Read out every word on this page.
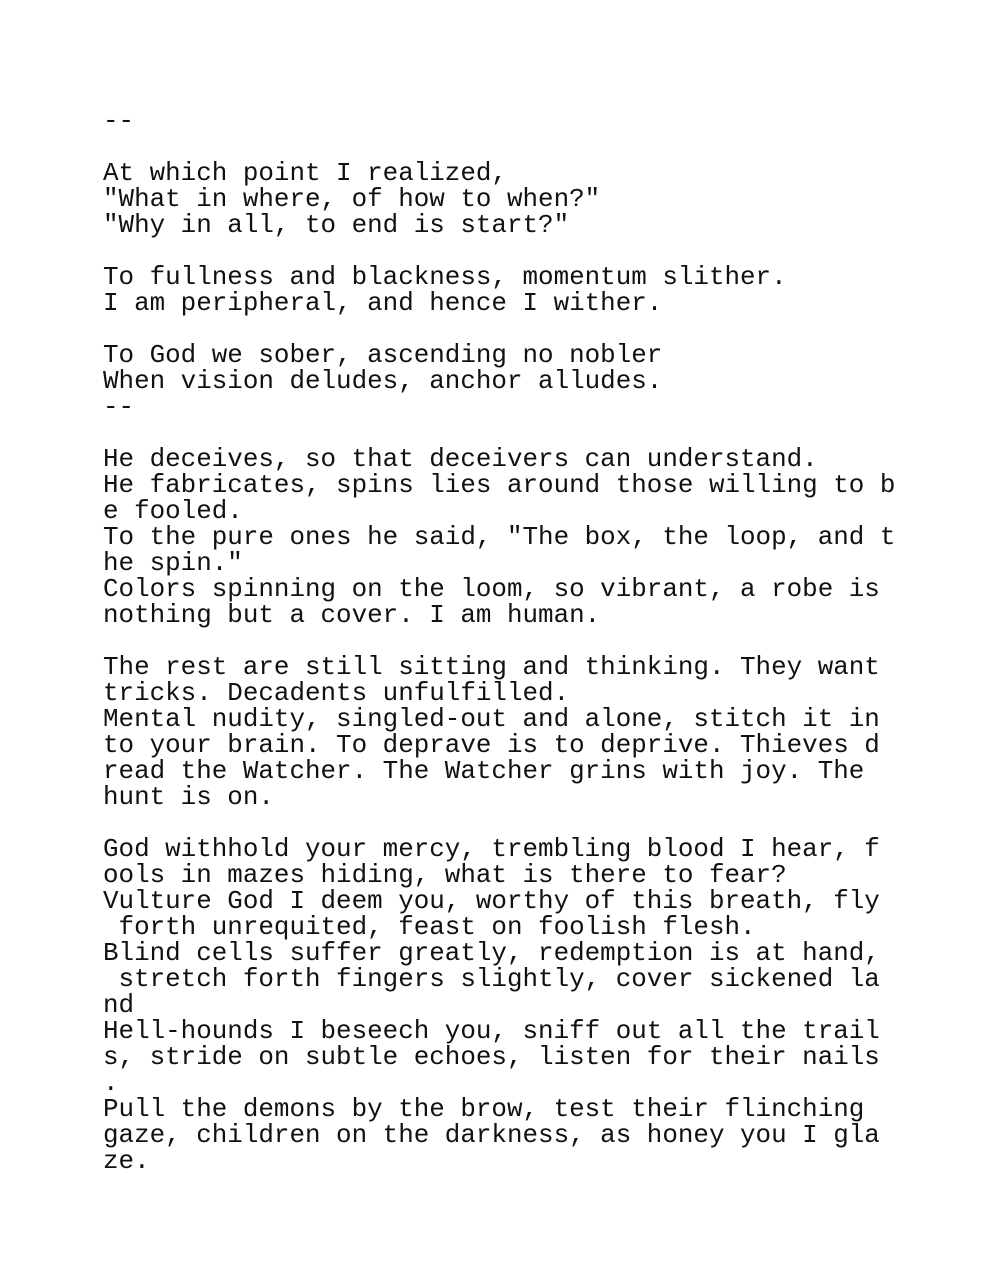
--
At which point I realized,
"What in where, of how to when?"
"Why in all, to end is start?"
To fullness and blackness, momentum slither.
I am peripheral, and hence I wither.
To God we sober, ascending no nobler
When vision deludes, anchor alludes.
--
He deceives, so that deceivers can understand.
He fabricates, spins lies around those willing to b
e fooled.
To the pure ones he said, "The box, the loop, and t
he spin."
Colors spinning on the loom, so vibrant, a robe is
nothing but a cover. I am human.
The rest are still sitting and thinking. They want
tricks. Decadents unfulfilled.
Mental nudity, singled-out and alone, stitch it in
to your brain. To deprave is to deprive. Thieves d
read the Watcher. The Watcher grins with joy. The
hunt is on.
God withhold your mercy, trembling blood I hear, f
ools in mazes hiding, what is there to fear?
Vulture God I deem you, worthy of this breath, fly
forth unrequited, feast on foolish flesh.
Blind cells suffer greatly, redemption is at hand,
stretch forth fingers slightly, cover sickened la
nd
Hell-hounds I beseech you, sniff out all the trail
s, stride on subtle echoes, listen for their nails
.
Pull the demons by the brow, test their flinching
gaze, children on the darkness, as honey you I gla
ze.
